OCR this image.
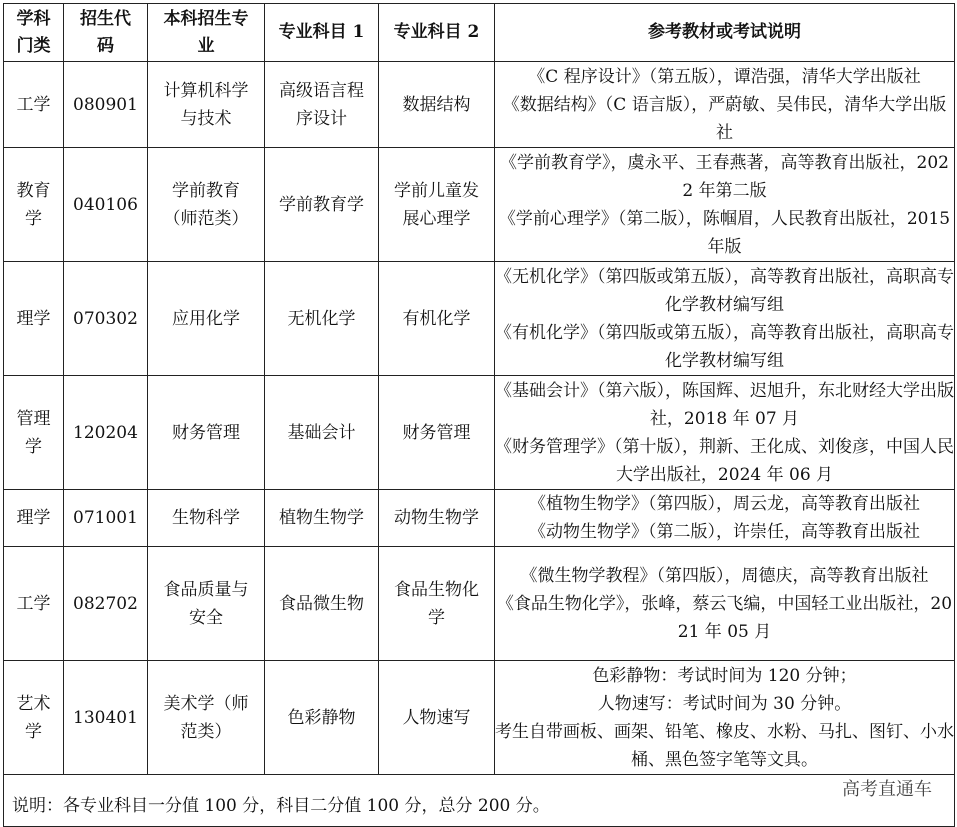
学科门类	招生代码	本科招生专业	专业科目 1	专业科目 2	参考教材或考试说明

工学	080901	计算机科学与技术	高级语言程序设计	数据结构	《C 程序设计》（第五版），谭浩强，清华大学出版社
《数据结构》（C 语言版），严蔚敏、吴伟民，清华大学出版社

教育学	040106	学前教育（师范类）	学前教育学	学前儿童发展心理学	《学前教育学》，虞永平、王春燕著，高等教育出版社，2022 年第二版
《学前心理学》（第二版），陈帼眉，人民教育出版社，2015 年版

理学	070302	应用化学	无机化学	有机化学	《无机化学》（第四版或第五版），高等教育出版社，高职高专化学教材编写组
《有机化学》（第四版或第五版），高等教育出版社，高职高专化学教材编写组

管理学	120204	财务管理	基础会计	财务管理	《基础会计》（第六版），陈国辉、迟旭升，东北财经大学出版社，2018 年 07 月
《财务管理学》（第十版），荆新、王化成、刘俊彦，中国人民大学出版社，2024 年 06 月

理学	071001	生物科学	植物生物学	动物生物学	《植物生物学》（第四版），周云龙，高等教育出版社
《动物生物学》（第二版），许崇任，高等教育出版社

工学	082702	食品质量与安全	食品微生物	食品生物化学	《微生物学教程》（第四版），周德庆，高等教育出版社
《食品生物化学》，张峰，蔡云飞编，中国轻工业出版社，2021 年 05 月

艺术学	130401	美术学（师范类）	色彩静物	人物速写	色彩静物：考试时间为 120 分钟；
人物速写：考试时间为 30 分钟。
考生自带画板、画架、铅笔、橡皮、水粉、马扎、图钉、小水桶、黑色签字笔等文具。

高考直通车
说明：各专业科目一分值 100 分，科目二分值 100 分，总分 200 分。					
